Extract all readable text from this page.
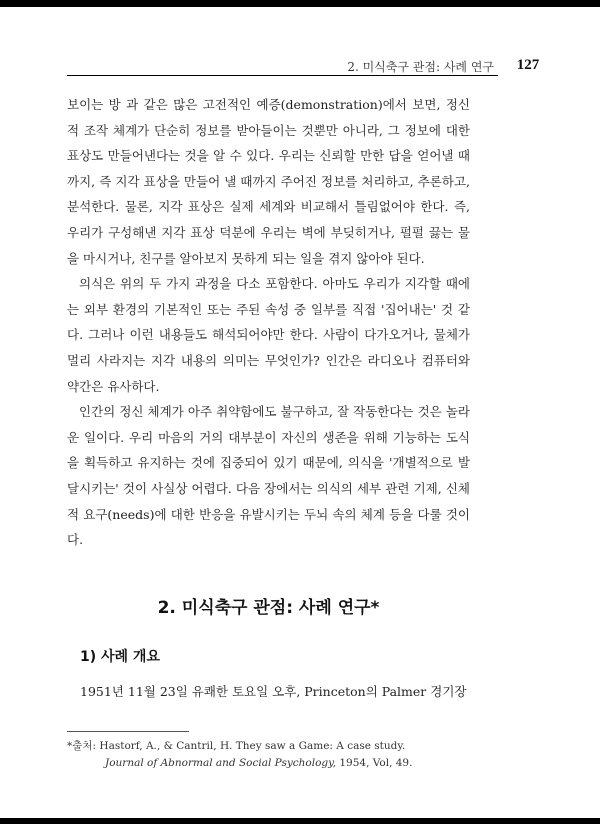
2. 미식축구 관점: 사례 연구	127

보이는 방 과 같은 많은 고전적인 예증(demonstration)에서 보면, 정신적 조작 체계가 단순히 정보를 받아들이는 것뿐만 아니라, 그 정보에 대한 표상도 만들어낸다는 것을 알 수 있다. 우리는 신뢰할 만한 답을 얻어낼 때까지, 즉 지각 표상을 만들어 낼 때까지 주어진 정보를 처리하고, 추론하고, 분석한다. 물론, 지각 표상은 실제 세계와 비교해서 틀림없어야 한다. 즉, 우리가 구성해낸 지각 표상 덕분에 우리는 벽에 부딪히거나, 펄펄 끓는 물을 마시거나, 친구를 알아보지 못하게 되는 일을 겪지 않아야 된다.

의식은 위의 두 가지 과정을 다소 포함한다. 아마도 우리가 지각할 때에는 외부 환경의 기본적인 또는 주된 속성 중 일부를 직접 '집어내는' 것 같다. 그러나 이런 내용들도 해석되어야만 한다. 사람이 다가오거나, 물체가 멀리 사라지는 지각 내용의 의미는 무엇인가? 인간은 라디오나 컴퓨터와 약간은 유사하다.

인간의 정신 체계가 아주 취약함에도 불구하고, 잘 작동한다는 것은 놀라운 일이다. 우리 마음의 거의 대부분이 자신의 생존을 위해 기능하는 도식을 획득하고 유지하는 것에 집중되어 있기 때문에, 의식을 '개별적으로 발달시키는' 것이 사실상 어렵다. 다음 장에서는 의식의 세부 관련 기제, 신체적 요구(needs)에 대한 반응을 유발시키는 두뇌 속의 체계 등을 다룰 것이다.

2. 미식축구 관점: 사례 연구*
1) 사례 개요

1951년 11월 23일 유쾌한 토요일 오후, Princeton의 Palmer 경기장

*출처: Hastorf, A., & Cantril, H. They saw a Game: A case study.
Journal of Abnormal and Social Psychology, 1954, Vol, 49.
